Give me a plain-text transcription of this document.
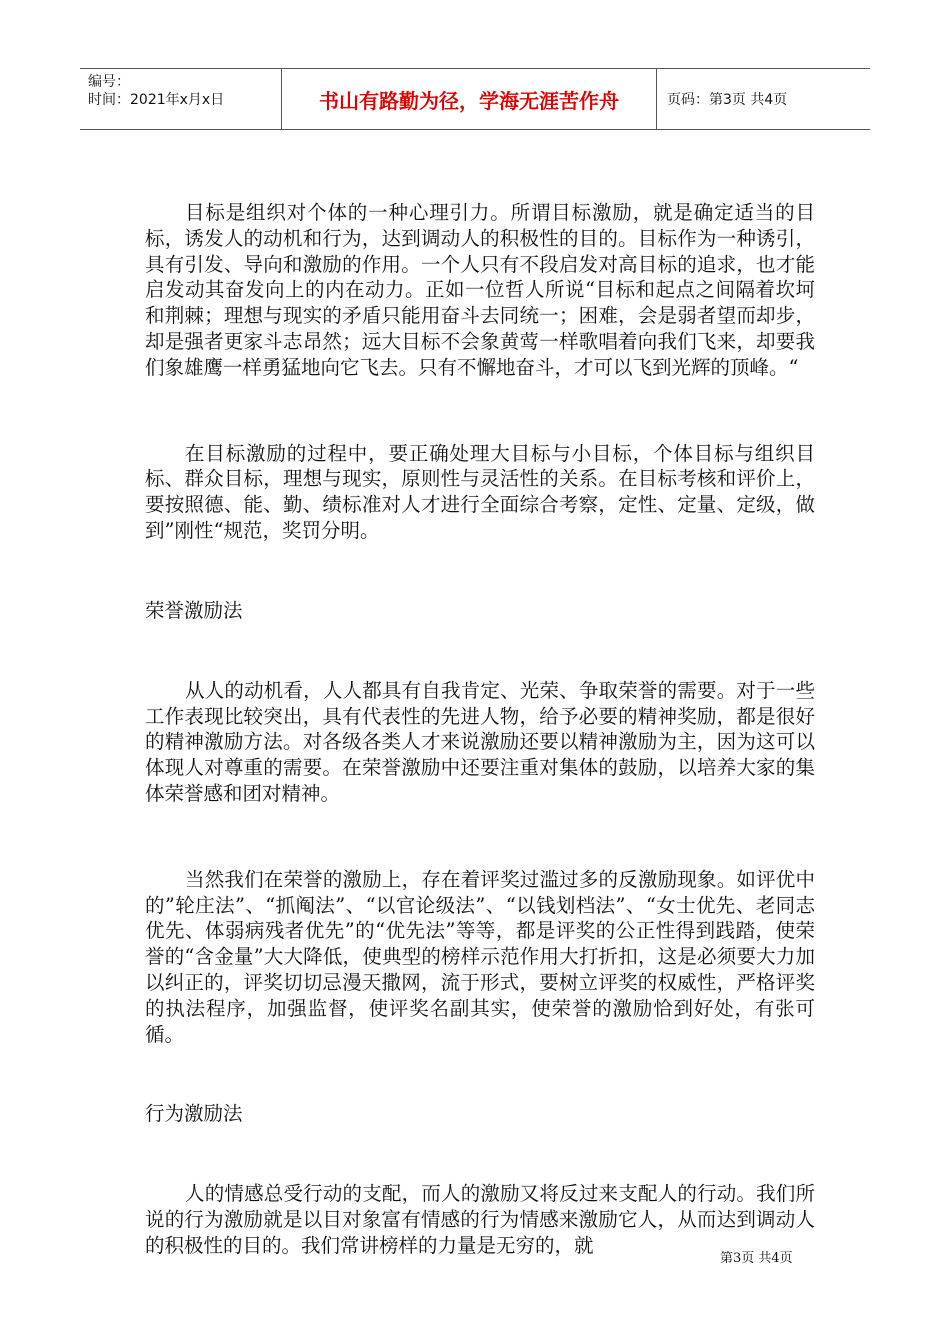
编号：
时间：2021年x月x日	书山有路勤为径，学海无涯苦作舟	页码：第3页 共4页

目标是组织对个体的一种心理引力。所谓目标激励，就是确定适当的目标，诱发人的动机和行为，达到调动人的积极性的目的。目标作为一种诱引，具有引发、导向和激励的作用。一个人只有不段启发对高目标的追求，也才能启发动其奋发向上的内在动力。正如一位哲人所说“目标和起点之间隔着坎坷和荆棘；理想与现实的矛盾只能用奋斗去同统一；困难，会是弱者望而却步，却是强者更家斗志昂然；远大目标不会象黄莺一样歌唱着向我们飞来，却要我们象雄鹰一样勇猛地向它飞去。只有不懈地奋斗，才可以飞到光辉的顶峰。“

在目标激励的过程中，要正确处理大目标与小目标，个体目标与组织目标、群众目标，理想与现实，原则性与灵活性的关系。在目标考核和评价上，要按照德、能、勤、绩标准对人才进行全面综合考察，定性、定量、定级，做到”刚性“规范，奖罚分明。

荣誉激励法

从人的动机看，人人都具有自我肯定、光荣、争取荣誉的需要。对于一些工作表现比较突出，具有代表性的先进人物，给予必要的精神奖励，都是很好的精神激励方法。对各级各类人才来说激励还要以精神激励为主，因为这可以体现人对尊重的需要。在荣誉激励中还要注重对集体的鼓励，以培养大家的集体荣誉感和团对精神。

当然我们在荣誉的激励上，存在着评奖过滥过多的反激励现象。如评优中的”轮庄法”、“抓阄法”、“以官论级法”、“以钱划档法”、“女士优先、老同志优先、体弱病残者优先”的“优先法”等等，都是评奖的公正性得到践踏，使荣誉的“含金量”大大降低，使典型的榜样示范作用大打折扣，这是必须要大力加以纠正的，评奖切切忌漫天撒网，流于形式，要树立评奖的权威性，严格评奖的执法程序，加强监督，使评奖名副其实，使荣誉的激励恰到好处，有张可循。

行为激励法

人的情感总受行动的支配，而人的激励又将反过来支配人的行动。我们所说的行为激励就是以目对象富有情感的行为情感来激励它人，从而达到调动人的积极性的目的。我们常讲榜样的力量是无穷的，就

第3页 共4页
